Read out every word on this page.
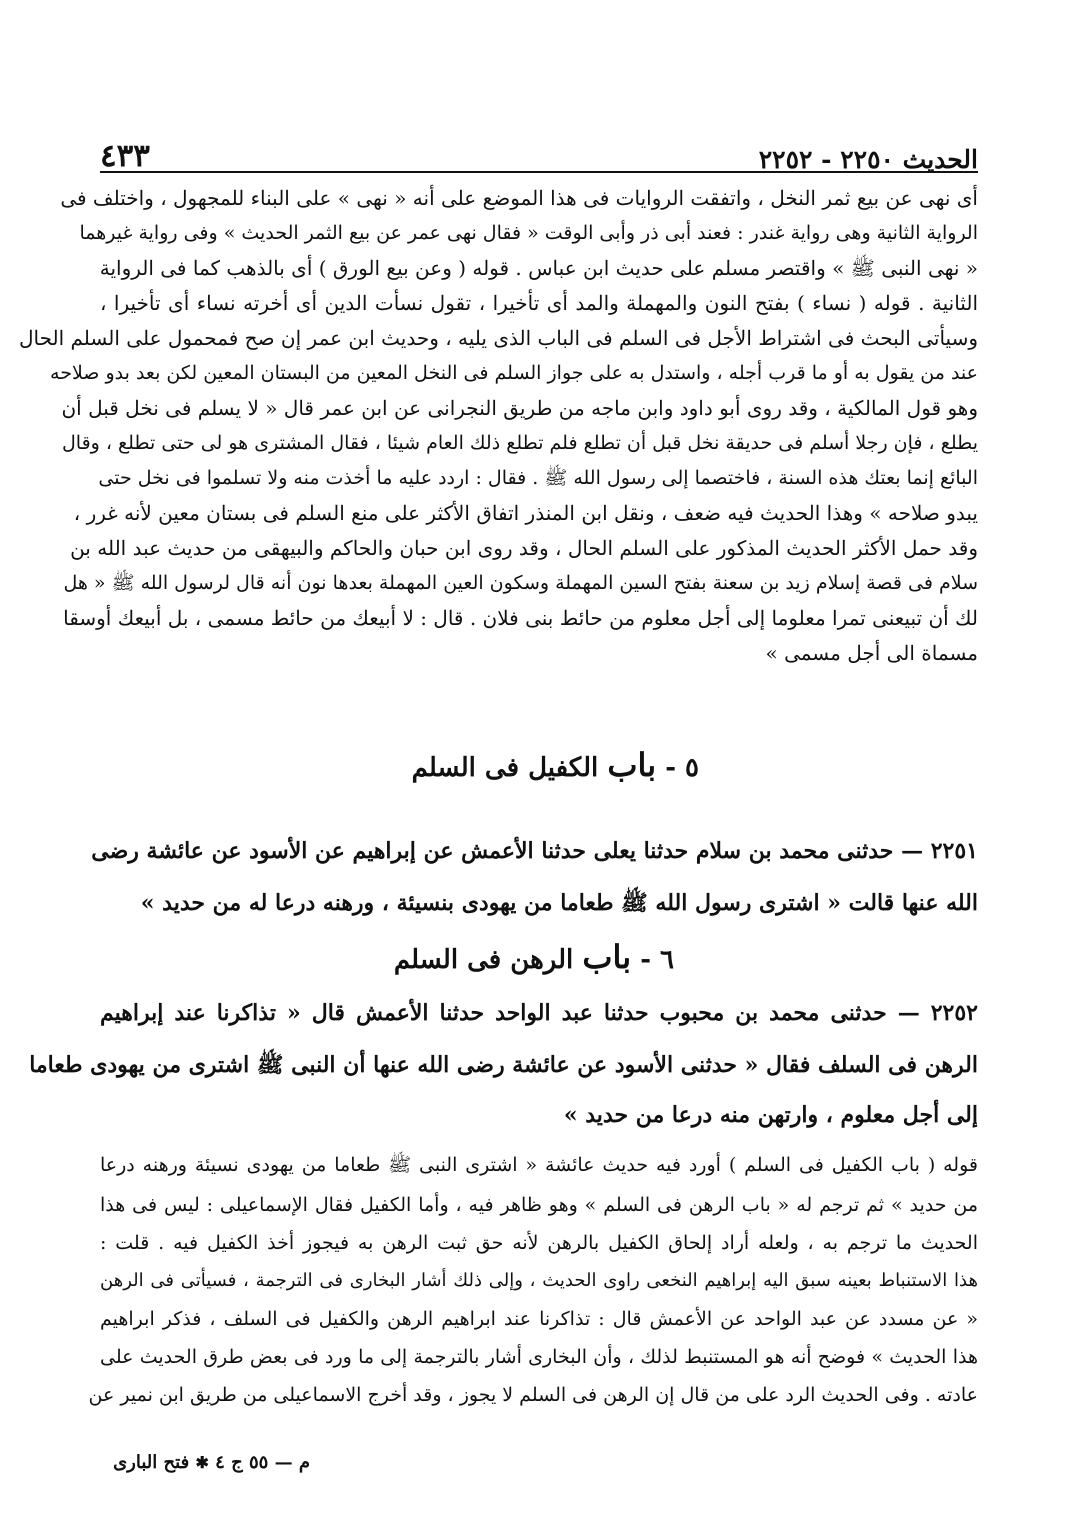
الحديث ٢٢٥٠ - ٢٢٥٢
٤٣٣
أى نهى عن بيع ثمر النخل ، واتفقت الروايات فى هذا الموضع على أنه « نهى » على البناء للمجهول ، واختلف فى
الرواية الثانية وهى رواية غندر : فعند أبى ذر وأبى الوقت « فقال نهى عمر عن بيع الثمر الحديث » وفى رواية غيرهما
« نهى النبى ﷺ » واقتصر مسلم على حديث ابن عباس . قوله ( وعن بيع الورق ) أى بالذهب كما فى الرواية
الثانية . قوله ( نساء ) بفتح النون والمهملة والمد أى تأخيرا ، تقول نسأت الدين أى أخرته نساء أى تأخيرا ،
وسيأتى البحث فى اشتراط الأجل فى السلم فى الباب الذى يليه ، وحديث ابن عمر إن صح فمحمول على السلم الحال
عند من يقول به أو ما قرب أجله ، واستدل به على جواز السلم فى النخل المعين من البستان المعين لكن بعد بدو صلاحه
وهو قول المالكية ، وقد روى أبو داود وابن ماجه من طريق النجرانى عن ابن عمر قال « لا يسلم فى نخل قبل أن
يطلع ، فإن رجلا أسلم فى حديقة نخل قبل أن تطلع فلم تطلع ذلك العام شيئا ، فقال المشترى هو لى حتى تطلع ، وقال
البائع إنما بعتك هذه السنة ، فاختصما إلى رسول الله ﷺ . فقال : اردد عليه ما أخذت منه ولا تسلموا فى نخل حتى
يبدو صلاحه » وهذا الحديث فيه ضعف ، ونقل ابن المنذر اتفاق الأكثر على منع السلم فى بستان معين لأنه غرر ،
وقد حمل الأكثر الحديث المذكور على السلم الحال ، وقد روى ابن حبان والحاكم والبيهقى من حديث عبد الله بن
سلام فى قصة إسلام زيد بن سعنة بفتح السين المهملة وسكون العين المهملة بعدها نون أنه قال لرسول الله ﷺ « هل
لك أن تبيعنى تمرا معلوما إلى أجل معلوم من حائط بنى فلان . قال : لا أبيعك من حائط مسمى ، بل أبيعك أوسقا
مسماة الى أجل مسمى »
٥ - باب الكفيل فى السلم
٢٢٥١ — حدثنى محمد بن سلام حدثنا يعلى حدثنا الأعمش عن إبراهيم عن الأسود عن عائشة رضى
الله عنها قالت « اشترى رسول الله ﷺ طعاما من يهودى بنسيئة ، ورهنه درعا له من حديد »
٦ - باب الرهن فى السلم
٢٢٥٢ — حدثنى محمد بن محبوب حدثنا عبد الواحد حدثنا الأعمش قال « تذاكرنا عند إبراهيم
الرهن فى السلف فقال « حدثنى الأسود عن عائشة رضى الله عنها أن النبى ﷺ اشترى من يهودى طعاما
إلى أجل معلوم ، وارتهن منه درعا من حديد »
قوله ( باب الكفيل فى السلم ) أورد فيه حديث عائشة « اشترى النبى ﷺ طعاما من يهودى نسيئة ورهنه درعا
من حديد » ثم ترجم له « باب الرهن فى السلم » وهو ظاهر فيه ، وأما الكفيل فقال الإسماعيلى : ليس فى هذا
الحديث ما ترجم به ، ولعله أراد إلحاق الكفيل بالرهن لأنه حق ثبت الرهن به فيجوز أخذ الكفيل فيه . قلت :
هذا الاستنباط بعينه سبق اليه إبراهيم النخعى راوى الحديث ، وإلى ذلك أشار البخارى فى الترجمة ، فسيأتى فى الرهن
« عن مسدد عن عبد الواحد عن الأعمش قال : تذاكرنا عند ابراهيم الرهن والكفيل فى السلف ، فذكر ابراهيم
هذا الحديث » فوضح أنه هو المستنبط لذلك ، وأن البخارى أشار بالترجمة إلى ما ورد فى بعض طرق الحديث على
عادته . وفى الحديث الرد على من قال إن الرهن فى السلم لا يجوز ، وقد أخرج الاسماعيلى من طريق ابن نمير عن
م — ٥٥ ج ٤ ✱ فتح البارى
